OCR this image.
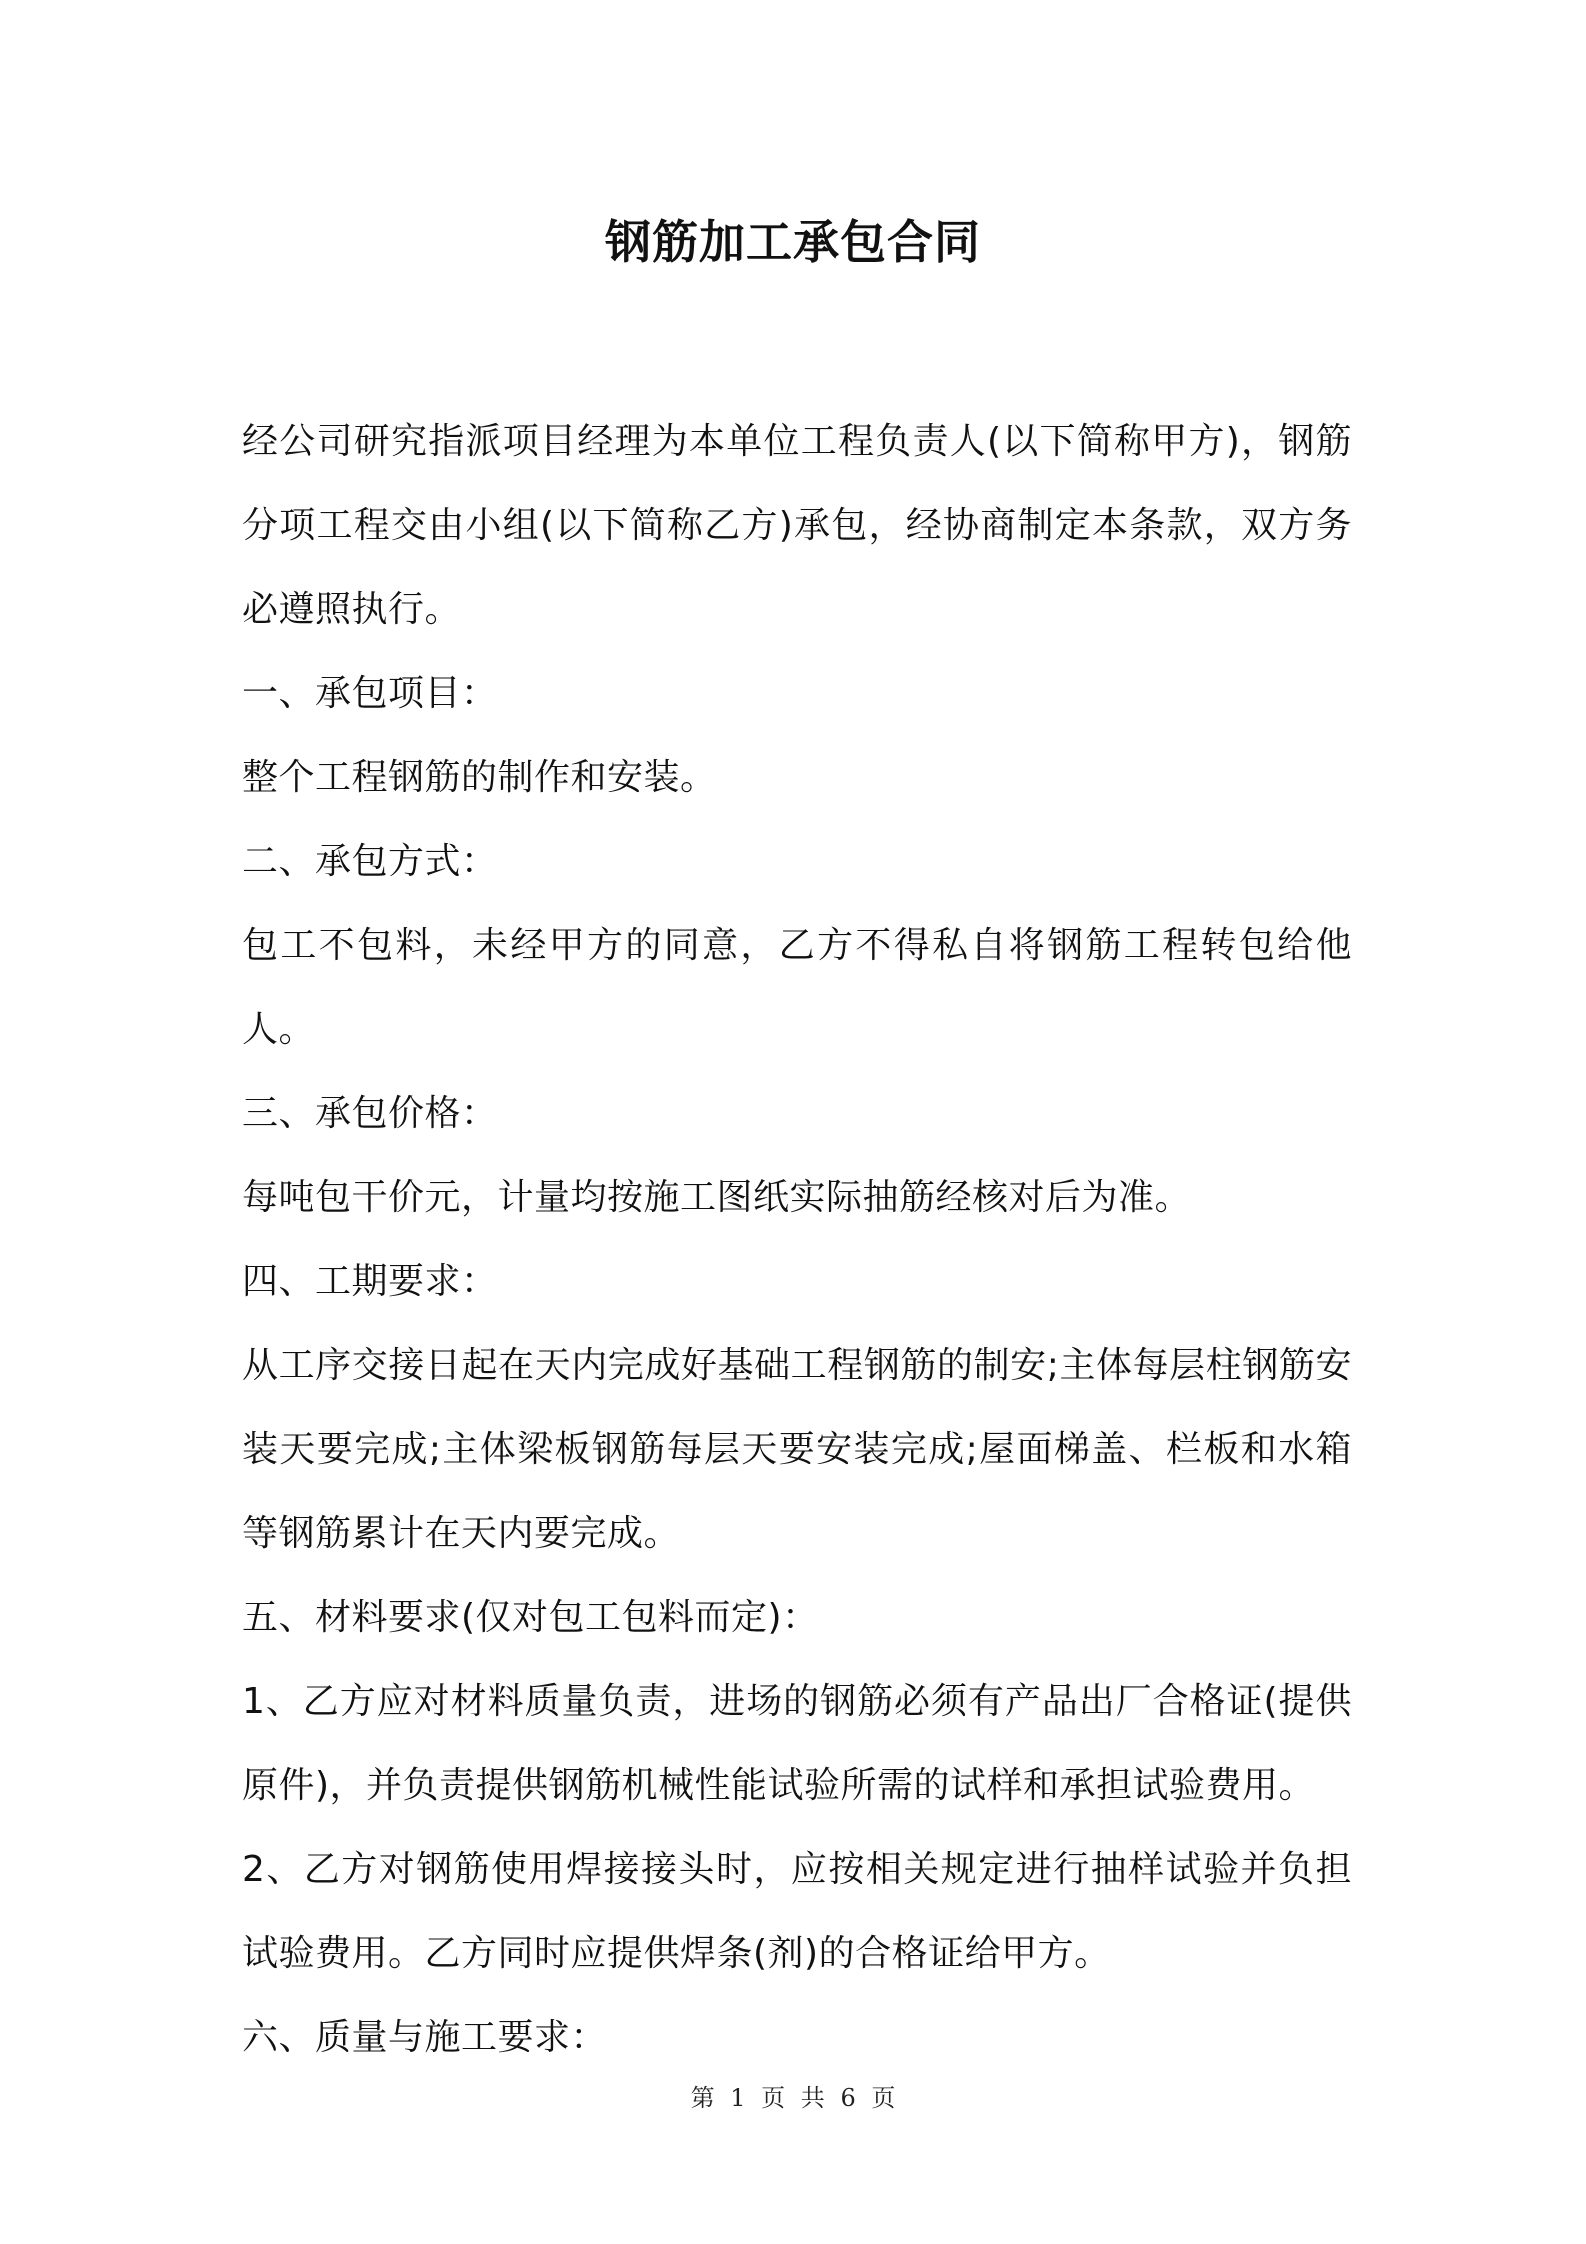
钢筋加工承包合同

经公司研究指派项目经理为本单位工程负责人(以下简称甲方)，钢筋分项工程交由小组(以下简称乙方)承包，经协商制定本条款，双方务必遵照执行。

一、承包项目：

整个工程钢筋的制作和安装。

二、承包方式：

包工不包料，未经甲方的同意，乙方不得私自将钢筋工程转包给他人。

三、承包价格：

每吨包干价元，计量均按施工图纸实际抽筋经核对后为准。

四、工期要求：

从工序交接日起在天内完成好基础工程钢筋的制安;主体每层柱钢筋安装天要完成;主体梁板钢筋每层天要安装完成;屋面梯盖、栏板和水箱等钢筋累计在天内要完成。

五、材料要求(仅对包工包料而定)：

1、乙方应对材料质量负责，进场的钢筋必须有产品出厂合格证(提供原件)，并负责提供钢筋机械性能试验所需的试样和承担试验费用。

2、乙方对钢筋使用焊接接头时，应按相关规定进行抽样试验并负担试验费用。乙方同时应提供焊条(剂)的合格证给甲方。

六、质量与施工要求：

第 1 页 共 6 页
